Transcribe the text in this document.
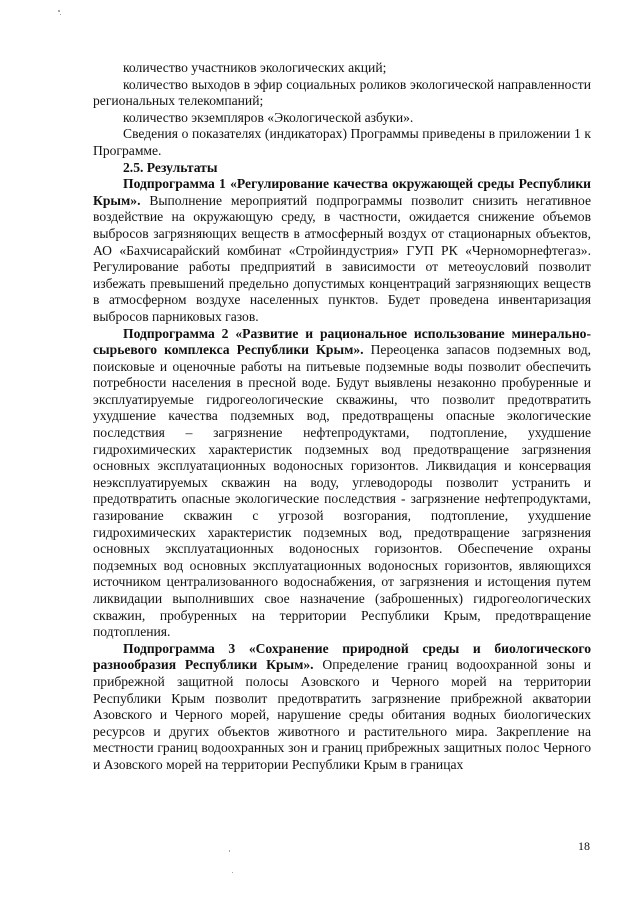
количество участников экологических акций;

количество выходов в эфир социальных роликов экологической направленности региональных телекомпаний;

количество экземпляров «Экологической азбуки».

Сведения о показателях (индикаторах) Программы приведены в приложении 1 к Программе.

2.5. Результаты

Подпрограмма 1 «Регулирование качества окружающей среды Республики Крым». Выполнение мероприятий подпрограммы позволит снизить негативное воздействие на окружающую среду, в частности, ожидается снижение объемов выбросов загрязняющих веществ в атмосферный воздух от стационарных объектов, АО «Бахчисарайский комбинат «Стройиндустрия» ГУП РК «Черноморнефтегаз». Регулирование работы предприятий в зависимости от метеоусловий позволит избежать превышений предельно допустимых концентраций загрязняющих веществ в атмосферном воздухе населенных пунктов. Будет проведена инвентаризация выбросов парниковых газов.

Подпрограмма 2 «Развитие и рациональное использование минерально-сырьевого комплекса Республики Крым». Переоценка запасов подземных вод, поисковые и оценочные работы на питьевые подземные воды позволит обеспечить потребности населения в пресной воде. Будут выявлены незаконно пробуренные и эксплуатируемые гидрогеологические скважины, что позволит предотвратить ухудшение качества подземных вод, предотвращены опасные экологические последствия – загрязнение нефтепродуктами, подтопление, ухудшение гидрохимических характеристик подземных вод предотвращение загрязнения основных эксплуатационных водоносных горизонтов. Ликвидация и консервация неэксплуатируемых скважин на воду, углеводороды позволит устранить и предотвратить опасные экологические последствия - загрязнение нефтепродуктами, газирование скважин с угрозой возгорания, подтопление, ухудшение гидрохимических характеристик подземных вод, предотвращение загрязнения основных эксплуатационных водоносных горизонтов. Обеспечение охраны подземных вод основных эксплуатационных водоносных горизонтов, являющихся источником централизованного водоснабжения, от загрязнения и истощения путем ликвидации выполнивших свое назначение (заброшенных) гидрогеологических скважин, пробуренных на территории Республики Крым, предотвращение подтопления.

Подпрограмма 3 «Сохранение природной среды и биологического разнообразия Республики Крым». Определение границ водоохранной зоны и прибрежной защитной полосы Азовского и Черного морей на территории Республики Крым позволит предотвратить загрязнение прибрежной акватории Азовского и Черного морей, нарушение среды обитания водных биологических ресурсов и других объектов животного и растительного мира. Закрепление на местности границ водоохранных зон и границ прибрежных защитных полос Черного и Азовского морей на территории Республики Крым в границах

18
